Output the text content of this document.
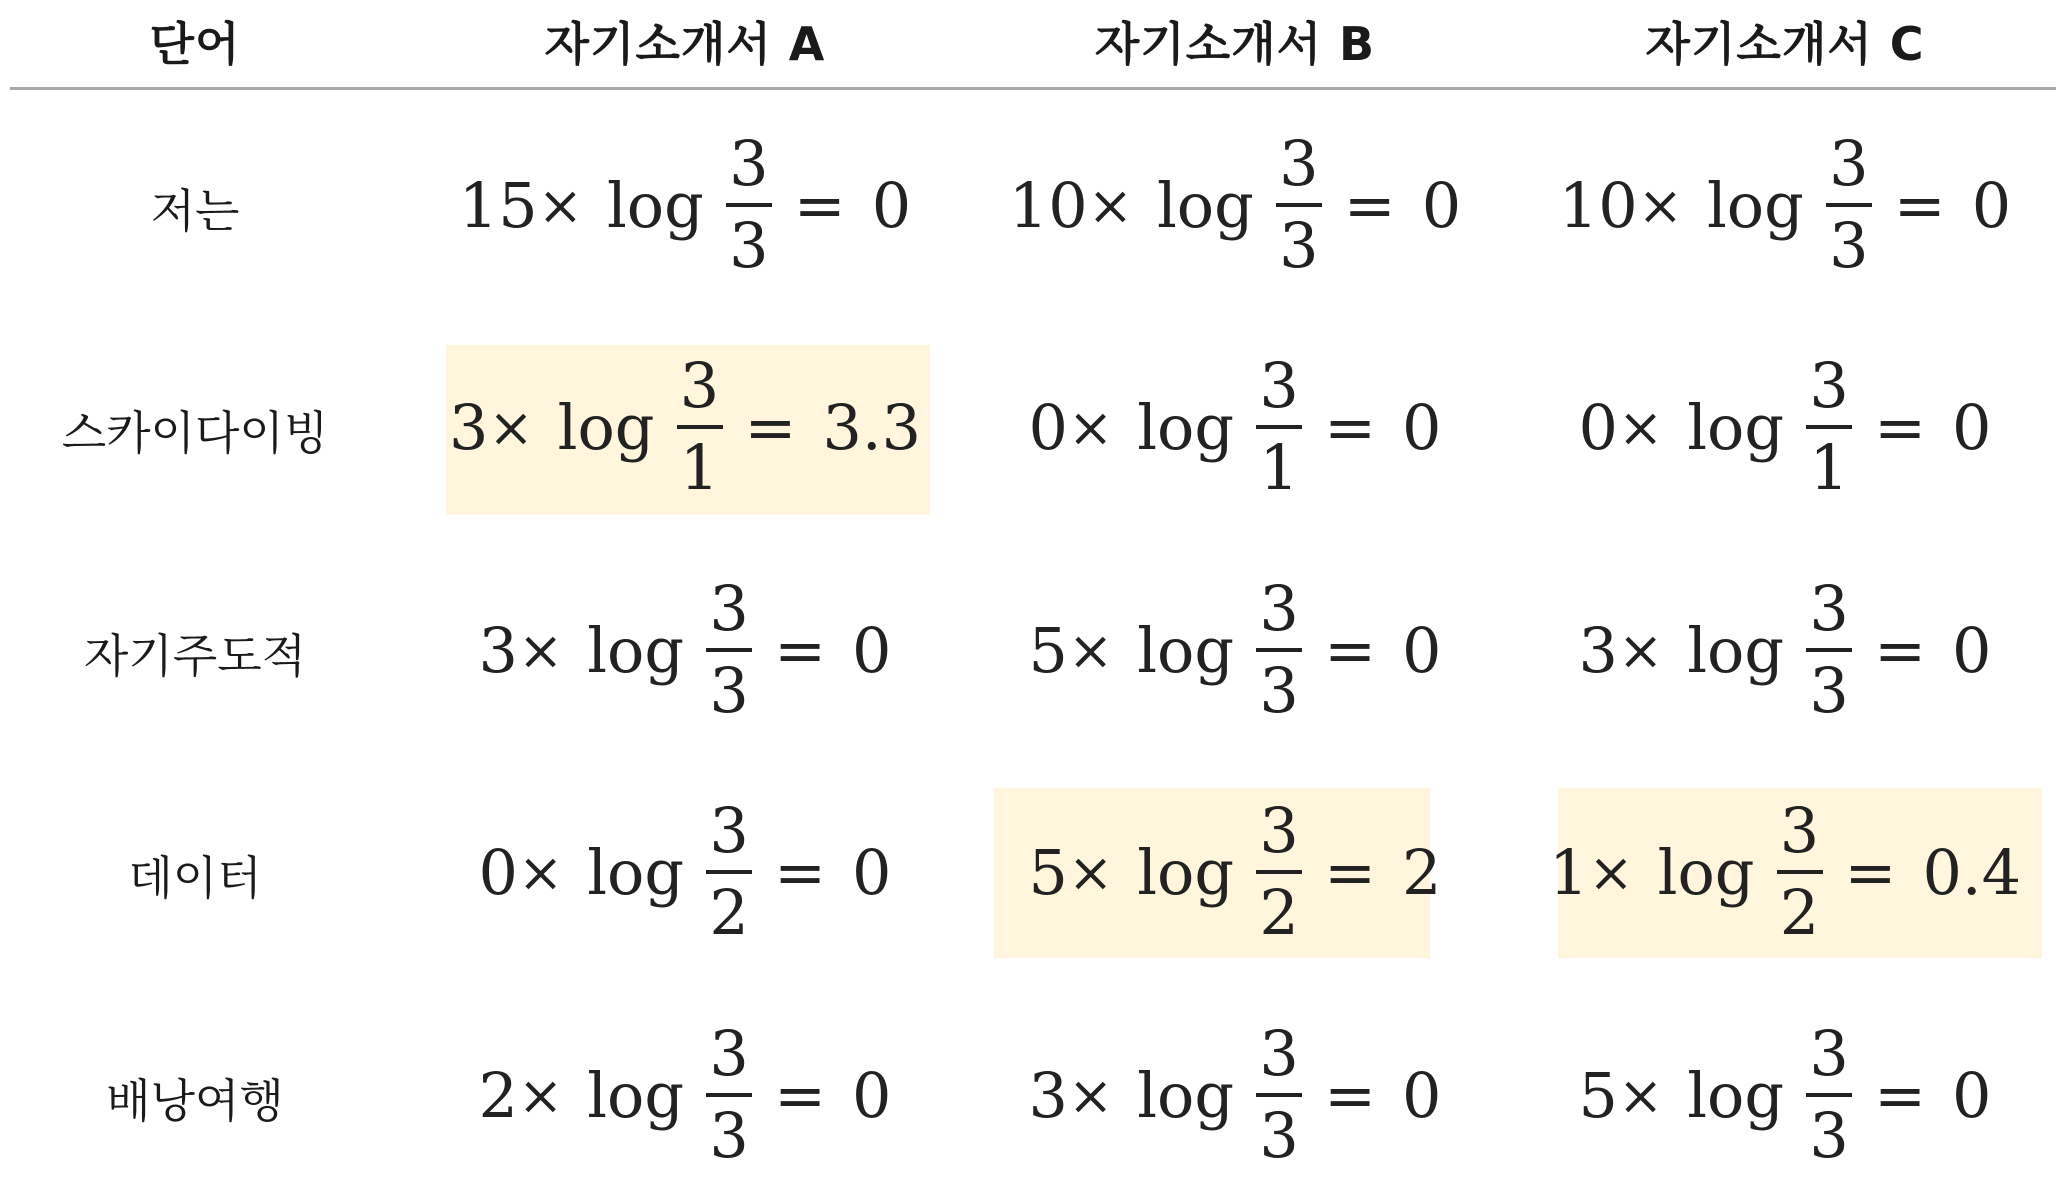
단어	자기소개서 A	자기소개서 B	자기소개서 C
저는	$15 \times \log \frac{3}{3} = 0$ $10 \times \log \frac{3}{3} = 0$ $10 \times \log \frac{3}{3} = 0$
스카이다이빙	$3 \times \log \frac{3}{1} = 3.3$ $0 \times \log \frac{3}{1} = 0$ $0 \times \log \frac{3}{1} = 0$
자기주도적	$3 \times \log \frac{3}{3} = 0$ $5 \times \log \frac{3}{3} = 0$ $3 \times \log \frac{3}{3} = 0$
데이터	$0 \times \log \frac{3}{2} = 0$ $5 \times \log \frac{3}{2} = 2$ $1 \times \log \frac{3}{2} = 0.4$
배낭여행	$2 \times \log \frac{3}{3} = 0$ $3 \times \log \frac{3}{3} = 0$ $5 \times \log \frac{3}{3} = 0$
